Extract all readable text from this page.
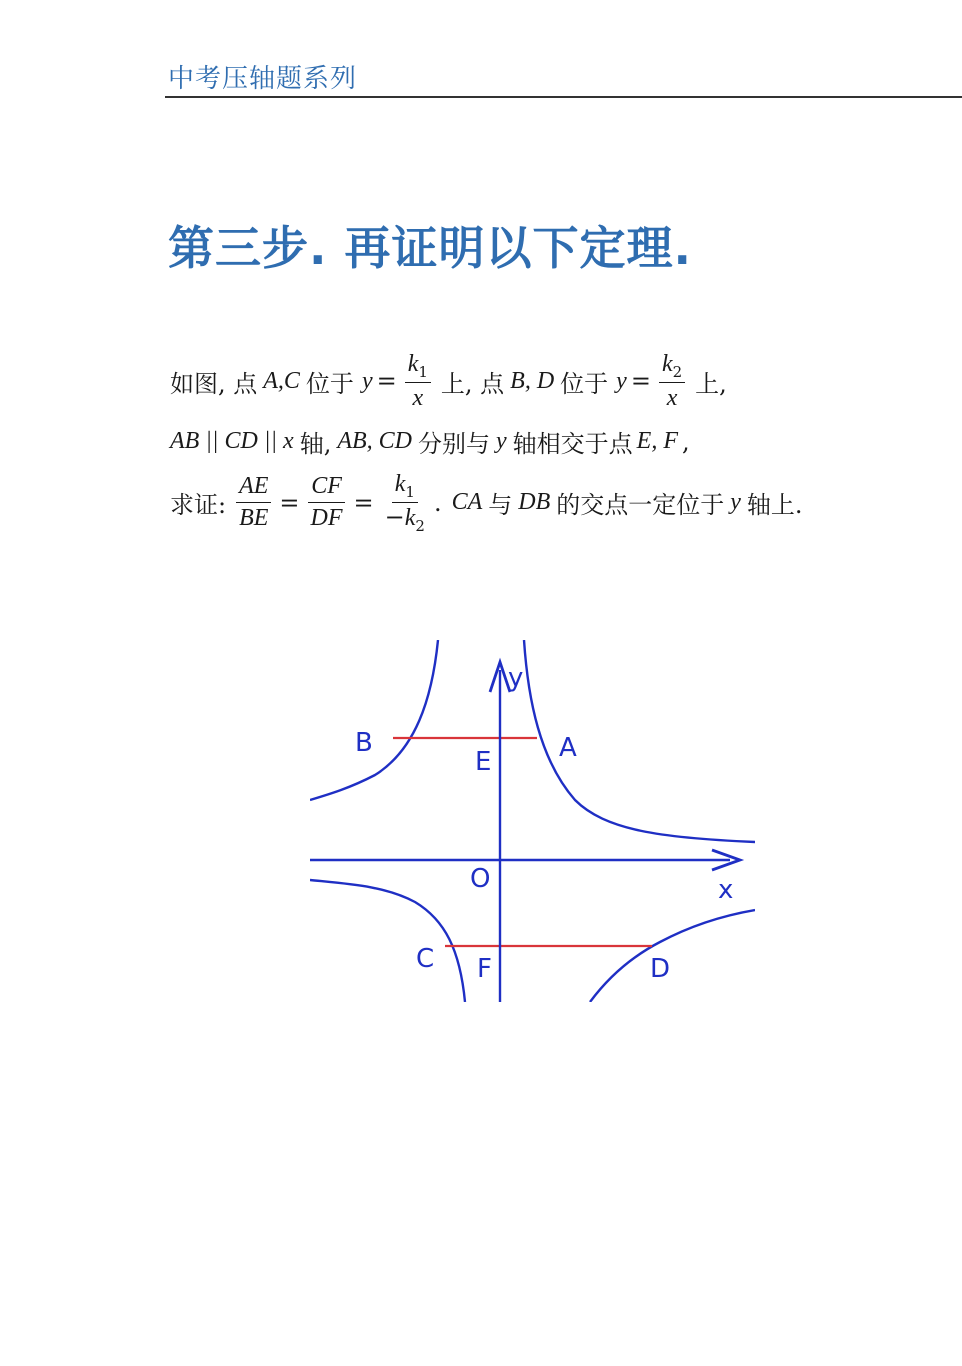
中考压轴题系列
第三步. 再证明以下定理.
如图, 点 A,C 位于 $y = \frac{k_1}{x}$ 上, 点 B, D 位于 $y = \frac{k_2}{x}$ 上,
AB || CD || x 轴, AB, CD 分别与 y 轴相交于点 E, F ,
求证: $\frac{AE}{BE} = \frac{CF}{DF} = \frac{k_1}{-k_2}$ . CA 与 DB 的交点一定位于 y 轴上.
y
B	A
E
O	x
C F	D
